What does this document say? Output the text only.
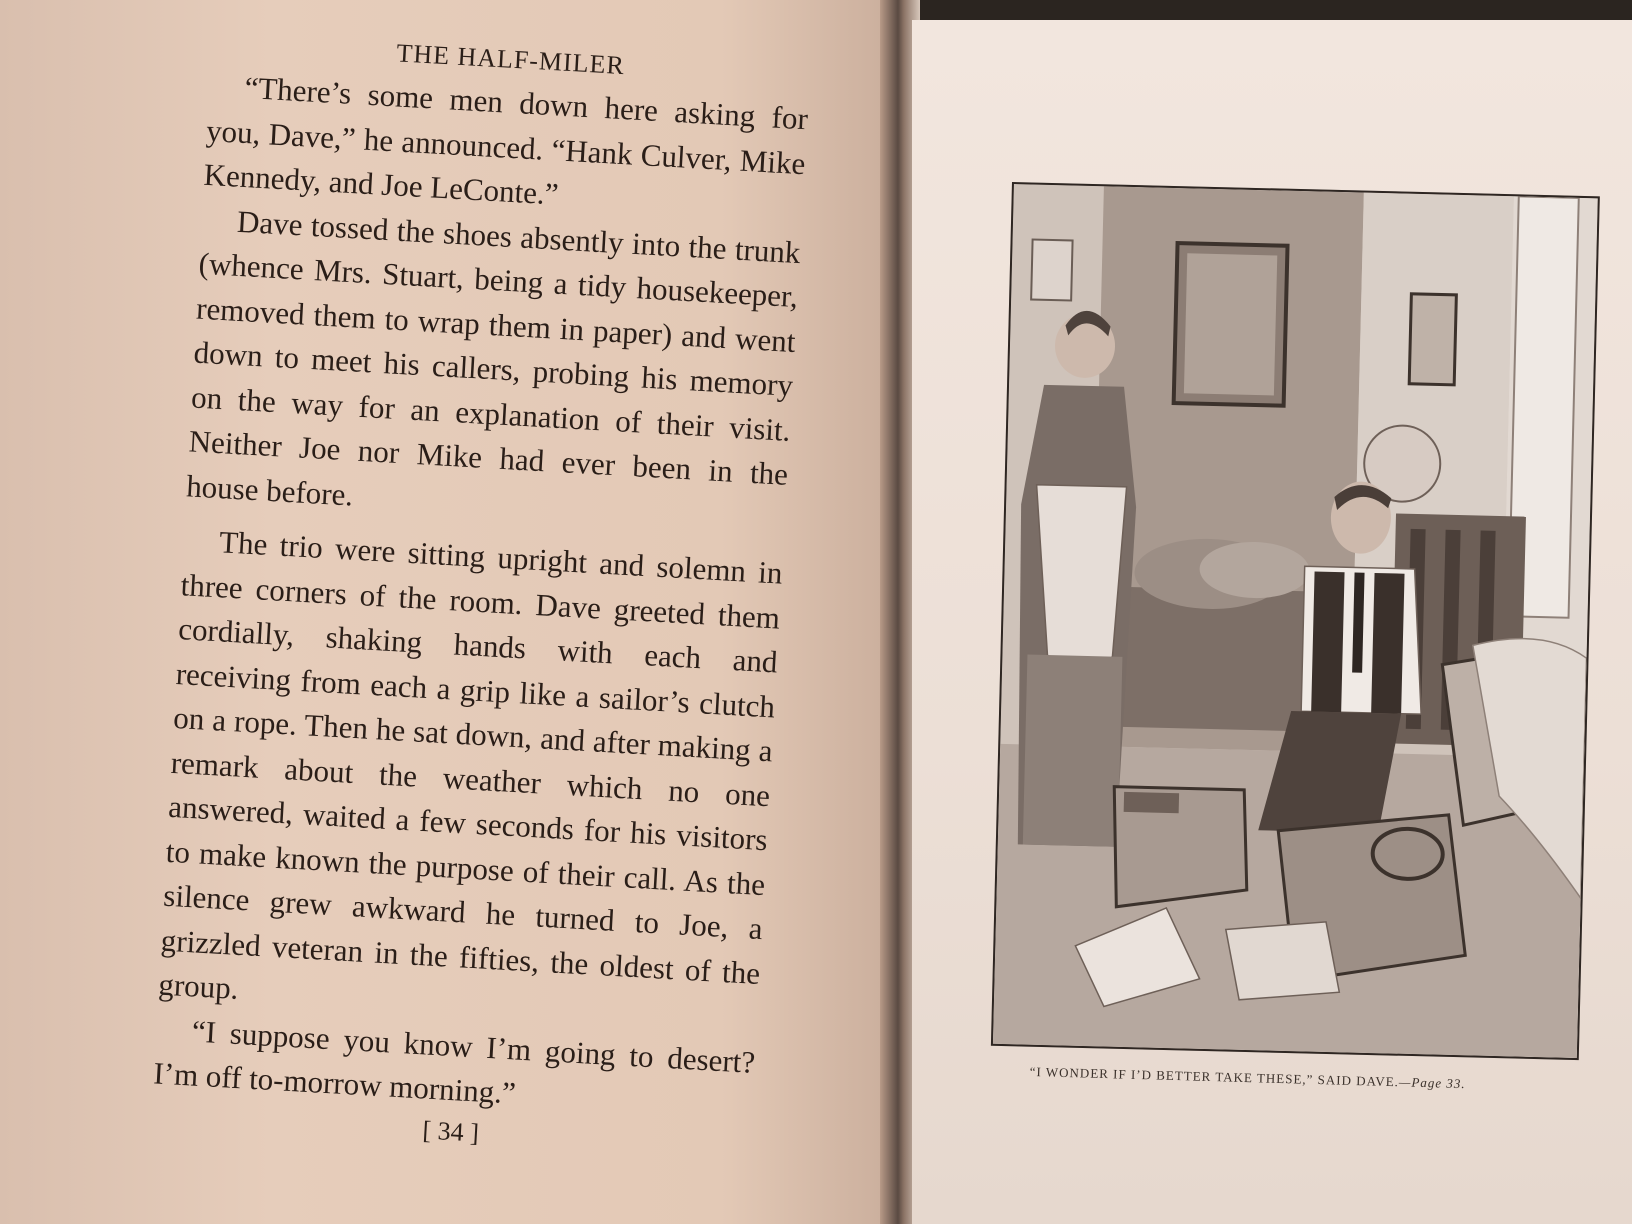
THE HALF-MILER

“There’s some men down here asking for you, Dave,” he announced. “Hank Culver, Mike Kennedy, and Joe LeConte.”

Dave tossed the shoes absently into the trunk (whence Mrs. Stuart, being a tidy housekeeper, removed them to wrap them in paper) and went down to meet his callers, probing his memory on the way for an explanation of their visit. Neither Joe nor Mike had ever been in the house before.

The trio were sitting upright and solemn in three corners of the room. Dave greeted them cordially, shaking hands with each and receiving from each a grip like a sailor’s clutch on a rope. Then he sat down, and after making a remark about the weather which no one answered, waited a few seconds for his visitors to make known the purpose of their call. As the silence grew awkward he turned to Joe, a grizzled veteran in the fifties, the oldest of the group.

“I suppose you know I’m going to desert? I’m off to-morrow morning.”

[ 34 ]
“I WONDER IF I’D BETTER TAKE THESE,” SAID DAVE.—Page 33.
